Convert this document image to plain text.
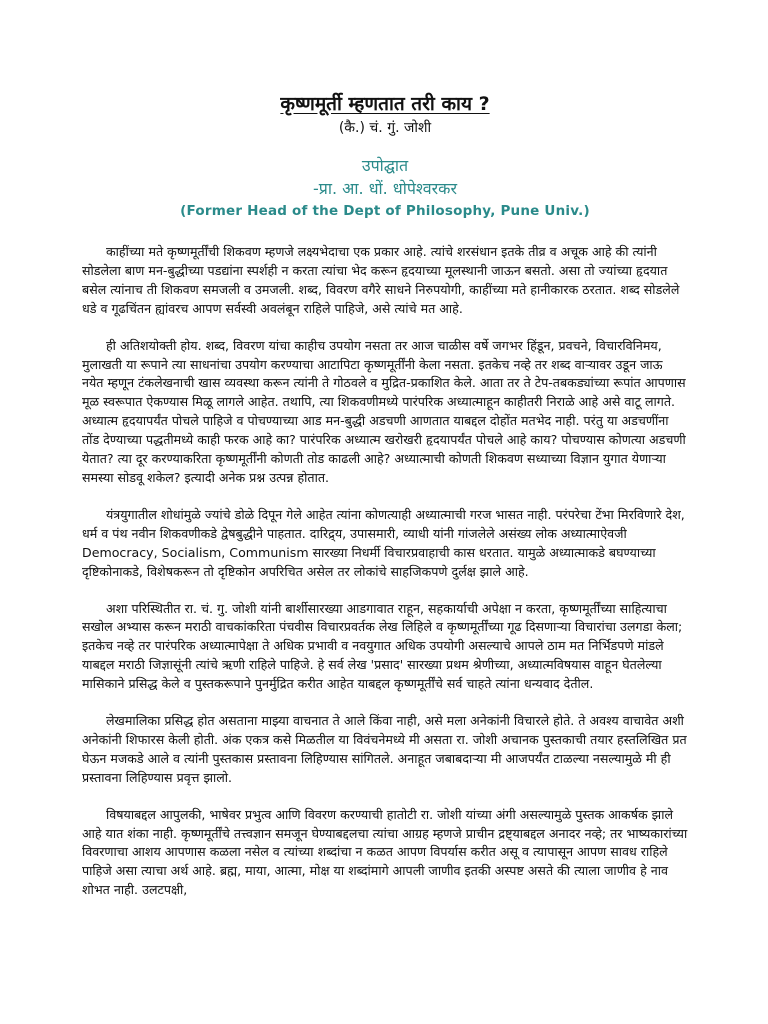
कृष्णमूर्ती म्हणतात तरी काय ?
(कै.) चं. गुं. जोशी
उपोद्घात
-प्रा. आ. धों. धोपेश्वरकर
(Former Head of the Dept of Philosophy, Pune Univ.)

काहींच्या मते कृष्णमूर्तींची शिकवण म्हणजे लक्ष्यभेदाचा एक प्रकार आहे. त्यांचे शरसंधान इतके तीव्र व अचूक आहे की त्यांनी सोडलेला बाण मन-बुद्धीच्या पडद्यांना स्पर्शही न करता त्यांचा भेद करून हृदयाच्या मूलस्थानी जाऊन बसतो. असा तो ज्यांच्या हृदयात बसेल त्यांनाच ती शिकवण समजली व उमजली. शब्द, विवरण वगैरे साधने निरुपयोगी, काहींच्या मते हानीकारक ठरतात. शब्द सोडलेले धडे व गूढचिंतन ह्यांवरच आपण सर्वस्वी अवलंबून राहिले पाहिजे, असे त्यांचे मत आहे.

ही अतिशयोक्ती होय. शब्द, विवरण यांचा काहीच उपयोग नसता तर आज चाळीस वर्षे जगभर हिंडून, प्रवचने, विचारविनिमय, मुलाखती या रूपाने त्या साधनांचा उपयोग करण्याचा आटापिटा कृष्णमूर्तींनी केला नसता. इतकेच नव्हे तर शब्द वाऱ्यावर उडून जाऊ नयेत म्हणून टंकलेखनाची खास व्यवस्था करून त्यांनी ते गोठवले व मुद्रित-प्रकाशित केले. आता तर ते टेप-तबकड्यांच्या रूपांत आपणास मूळ स्वरूपात ऐकण्यास मिळू लागले आहेत. तथापि, त्या शिकवणीमध्ये पारंपरिक अध्यात्माहून काहीतरी निराळे आहे असे वाटू लागते. अध्यात्म हृदयापर्यंत पोचले पाहिजे व पोचण्याच्या आड मन-बुद्धी अडचणी आणतात याबद्दल दोहोंत मतभेद नाही. परंतु या अडचणींना तोंड देण्याच्या पद्धतीमध्ये काही फरक आहे का? पारंपरिक अध्यात्म खरोखरी हृदयापर्यंत पोचले आहे काय? पोचण्यास कोणत्या अडचणी येतात? त्या दूर करण्याकरिता कृष्णमूर्तींनी कोणती तोड काढली आहे? अध्यात्माची कोणती शिकवण सध्याच्या विज्ञान युगात येणाऱ्या समस्या सोडवू शकेल? इत्यादी अनेक प्रश्न उत्पन्न होतात.

यंत्रयुगातील शोधांमुळे ज्यांचे डोळे दिपून गेले आहेत त्यांना कोणत्याही अध्यात्माची गरज भासत नाही. परंपरेचा टेंभा मिरविणारे देश, धर्म व पंथ नवीन शिकवणीकडे द्वेषबुद्धीने पाहतात. दारिद्र्य, उपासमारी, व्याधी यांनी गांजलेले असंख्य लोक अध्यात्माऐवजी Democracy, Socialism, Communism सारख्या निधर्मी विचारप्रवाहाची कास धरतात. यामुळे अध्यात्माकडे बघण्याच्या दृष्टिकोनाकडे, विशेषकरून तो दृष्टिकोन अपरिचित असेल तर लोकांचे साहजिकपणे दुर्लक्ष झाले आहे.

अशा परिस्थितीत रा. चं. गु. जोशी यांनी बार्शीसारख्या आडगावात राहून, सहकार्याची अपेक्षा न करता, कृष्णमूर्तींच्या साहित्याचा सखोल अभ्यास करून मराठी वाचकांकरिता पंचवीस विचारप्रवर्तक लेख लिहिले व कृष्णमूर्तींच्या गूढ दिसणाऱ्या विचारांचा उलगडा केला; इतकेच नव्हे तर पारंपरिक अध्यात्मापेक्षा ते अधिक प्रभावी व नवयुगात अधिक उपयोगी असल्याचे आपले ठाम मत निर्भिडपणे मांडले याबद्दल मराठी जिज्ञासूंनी त्यांचे ऋणी राहिले पाहिजे. हे सर्व लेख 'प्रसाद' सारख्या प्रथम श्रेणीच्या, अध्यात्मविषयास वाहून घेतलेल्या मासिकाने प्रसिद्ध केले व पुस्तकरूपाने पुनर्मुद्रित करीत आहेत याबद्दल कृष्णमूर्तींचे सर्व चाहते त्यांना धन्यवाद देतील.

लेखमालिका प्रसिद्ध होत असताना माझ्या वाचनात ते आले किंवा नाही, असे मला अनेकांनी विचारले होते. ते अवश्य वाचावेत अशी अनेकांनी शिफारस केली होती. अंक एकत्र कसे मिळतील या विवंचनेमध्ये मी असता रा. जोशी अचानक पुस्तकाची तयार हस्तलिखित प्रत घेऊन मजकडे आले व त्यांनी पुस्तकास प्रस्तावना लिहिण्यास सांगितले. अनाहूत जबाबदाऱ्या मी आजपर्यंत टाळल्या नसल्यामुळे मी ही प्रस्तावना लिहिण्यास प्रवृत्त झालो.

विषयाबद्दल आपुलकी, भाषेवर प्रभुत्व आणि विवरण करण्याची हातोटी रा. जोशी यांच्या अंगी असल्यामुळे पुस्तक आकर्षक झाले आहे यात शंका नाही. कृष्णमूर्तींचे तत्त्वज्ञान समजून घेण्याबद्दलचा त्यांचा आग्रह म्हणजे प्राचीन द्रष्ट्याबद्दल अनादर नव्हे; तर भाष्यकारांच्या विवरणाचा आशय आपणास कळला नसेल व त्यांच्या शब्दांचा न कळत आपण विपर्यास करीत असू व त्यापासून आपण सावध राहिले पाहिजे असा त्याचा अर्थ आहे. ब्रह्म, माया, आत्मा, मोक्ष या शब्दांमागे आपली जाणीव इतकी अस्पष्ट असते की त्याला जाणीव हे नाव शोभत नाही. उलटपक्षी,
